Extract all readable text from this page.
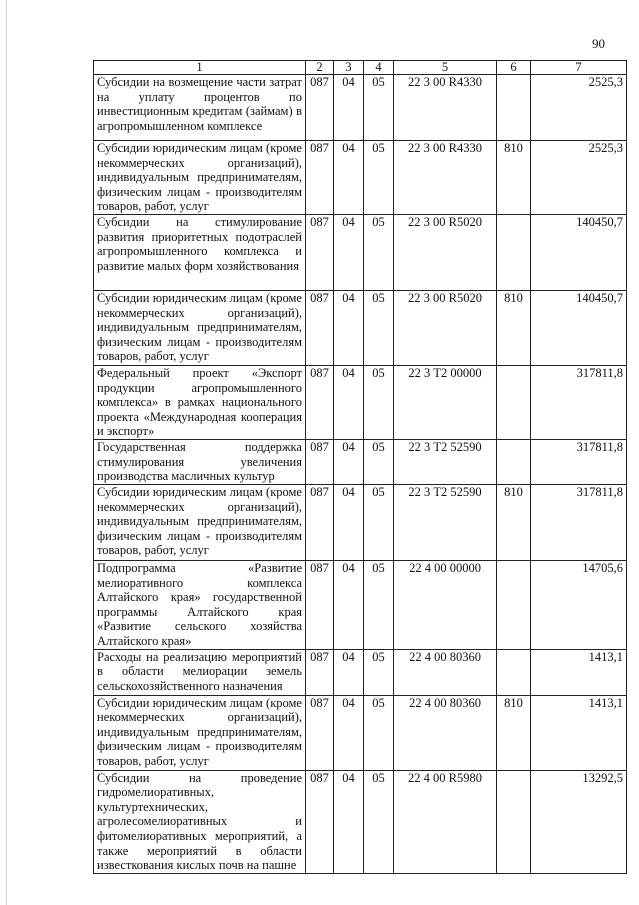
90
1	2	3	4	5	6	7
Субсидии на возмещение части затрат на уплату процентов по инвестиционным кредитам (займам) в агропромышленном комплексе	087	04	05	22 3 00 R4330		2525,3
Субсидии юридическим лицам (кроме некоммерческих организаций), индивидуальным предпринимателям, физическим лицам - производителям товаров, работ, услуг	087	04	05	22 3 00 R4330	810	2525,3
Субсидии на стимулирование развития приоритетных подотраслей агропромышленного комплекса и развитие малых форм хозяйствования	087	04	05	22 3 00 R5020		140450,7
Субсидии юридическим лицам (кроме некоммерческих организаций), индивидуальным предпринимателям, физическим лицам - производителям товаров, работ, услуг	087	04	05	22 3 00 R5020	810	140450,7
Федеральный проект «Экспорт продукции агропромышленного комплекса» в рамках национального проекта «Международная кооперация и экспорт»	087	04	05	22 3 Т2 00000		317811,8
Государственная поддержка стимулирования увеличения производства масличных культур	087	04	05	22 3 Т2 52590		317811,8
Субсидии юридическим лицам (кроме некоммерческих организаций), индивидуальным предпринимателям, физическим лицам - производителям товаров, работ, услуг	087	04	05	22 3 Т2 52590	810	317811,8
Подпрограмма «Развитие мелиоративного комплекса Алтайского края» государственной программы Алтайского края «Развитие сельского хозяйства Алтайского края»	087	04	05	22 4 00 00000		14705,6
Расходы на реализацию мероприятий в области мелиорации земель сельскохозяйственного назначения	087	04	05	22 4 00 80360		1413,1
Субсидии юридическим лицам (кроме некоммерческих организаций), индивидуальным предпринимателям, физическим лицам - производителям товаров, работ, услуг	087	04	05	22 4 00 80360	810	1413,1
Субсидии на проведение гидромелиоративных, культуртехнических, агролесомелиоративных и фитомелиоративных мероприятий, а также мероприятий в области известкования кислых почв на пашне	087	04	05	22 4 00 R5980		13292,5
